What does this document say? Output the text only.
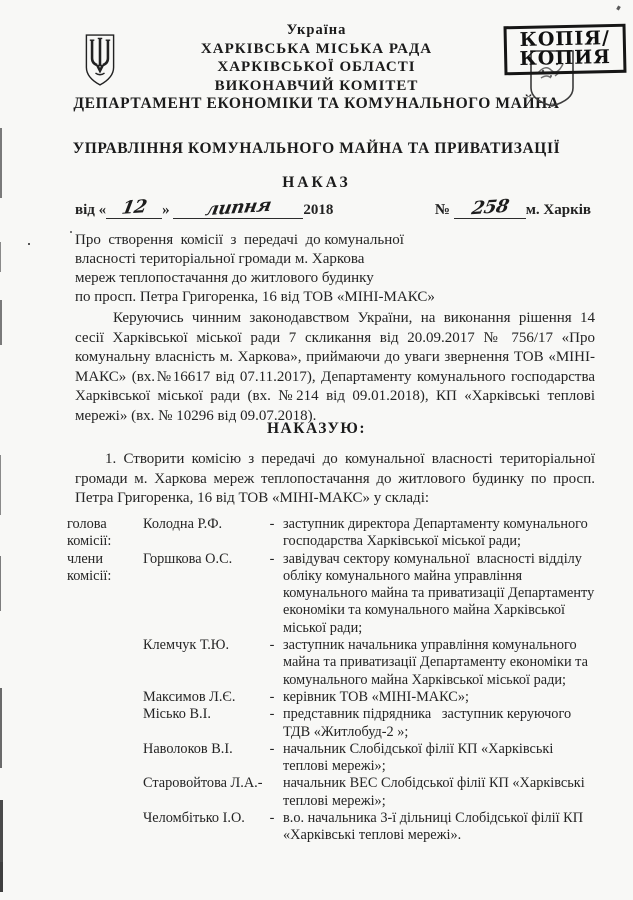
Україна
ХАРКІВСЬКА МІСЬКА РАДА
ХАРКІВСЬКОЇ ОБЛАСТІ
ВИКОНАВЧИЙ КОМІТЕТ
ДЕПАРТАМЕНТ ЕКОНОМІКИ ТА КОМУНАЛЬНОГО МАЙНА
КОПІЯ/
КОПИЯ
УПРАВЛІННЯ КОМУНАЛЬНОГО МАЙНА ТА ПРИВАТИЗАЦІЇ
НАКАЗ
від « 12 »	липня	2018	№ 258	м. Харків
Про  створення  комісії  з  передачі  до комунальної
власності територіальної громади м. Харкова
мереж теплопостачання до житлового будинку
по просп. Петра Григоренка, 16 від ТОВ «МІНІ-МАКС»
Керуючись чинним законодавством України, на виконання рішення 14 сесії Харківської міської ради 7 скликання від 20.09.2017 № 756/17 «Про комунальну власність м. Харкова», приймаючи до уваги звернення ТОВ «МІНІ-МАКС» (вх.№16617 від 07.11.2017), Департаменту комунального господарства Харківської міської ради (вх. №214 від 09.01.2018), КП «Харківські теплові мережі» (вх. № 10296 від 09.07.2018).
НАКАЗУЮ:
1. Створити комісію з передачі до комунальної власності територіальної громади м. Харкова мереж теплопостачання до житлового будинку по просп. Петра Григоренка, 16 від ТОВ «МІНІ-МАКС» у складі:
голова комісії:
Колодна Р.Ф.	- заступник директора Департаменту комунального господарства Харківської міської ради;
члени комісії:
Горшкова О.С.	- завідувач сектору комунальної  власності відділу обліку комунального майна управління комунального майна та приватизації Департаменту економіки та комунального майна Харківської міської ради;
Клемчук Т.Ю.	- заступник начальника управління комунального майна та приватизації Департаменту економіки та комунального майна Харківської міської ради;
Максимов Л.Є.	- керівник ТОВ «МІНІ-МАКС»;
Місько В.І.	- представник підрядника   заступник керуючого ТДВ «Житлобуд-2 »;
Наволоков В.І.	- начальник Слобідської філії КП «Харківські теплові мережі»;
Старовойтова Л.А.- начальник ВЕС Слобідської філії КП «Харківські теплові мережі»;
Челомбітько І.О.	- в.о. начальника 3-ї дільниці Слобідської філії КП «Харківські теплові мережі».
